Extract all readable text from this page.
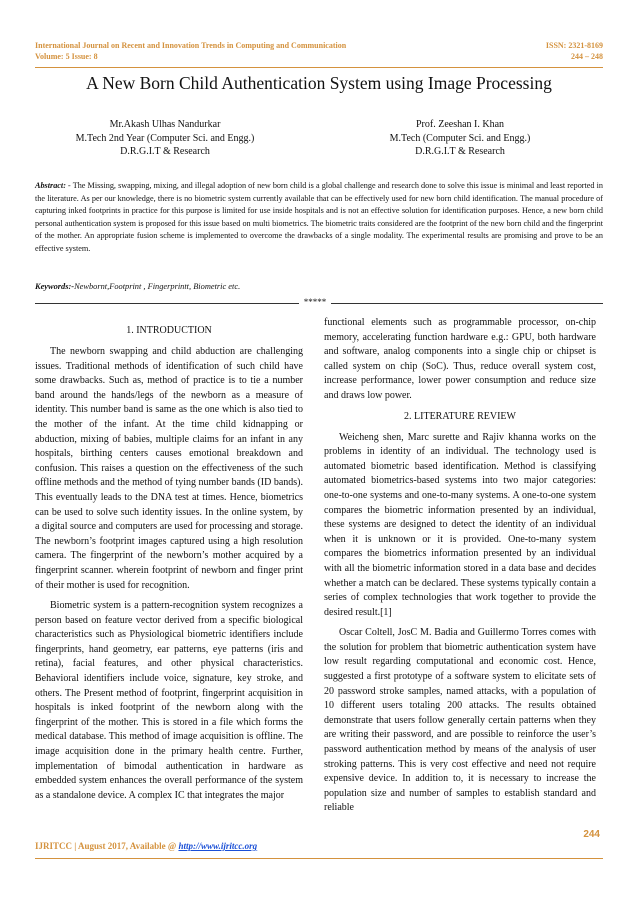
International Journal on Recent and Innovation Trends in Computing and Communication
Volume: 5 Issue: 8
ISSN: 2321-8169
244 – 248
A New Born Child Authentication System using Image Processing
Mr.Akash Ulhas Nandurkar
M.Tech 2nd Year (Computer Sci. and Engg.)
D.R.G.I.T & Research
Prof. Zeeshan I. Khan
M.Tech (Computer Sci. and Engg.)
D.R.G.I.T & Research
Abstract: - The Missing, swapping, mixing, and illegal adoption of new born child is a global challenge and research done to solve this issue is minimal and least reported in the literature. As per our knowledge, there is no biometric system currently available that can be effectively used for new born child identification. The manual procedure of capturing inked footprints in practice for this purpose is limited for use inside hospitals and is not an effective solution for identification purposes. Hence, a new born child personal authentication system is proposed for this issue based on multi biometrics. The biometric traits considered are the footprint of the new born child and the fingerprint of the mother. An appropriate fusion scheme is implemented to overcome the drawbacks of a single modality. The experimental results are promising and prove to be an effective system.
Keywords:-Newbornt,Footprint , Fingerprintt, Biometric etc.
*****
1. INTRODUCTION

The newborn swapping and child abduction are challenging issues. Traditional methods of identification of such child have some drawbacks. Such as, method of practice is to tie a number band around the hands/legs of the newborn as a measure of identity. This number band is same as the one which is also tied to the mother of the infant. At the time child kidnapping or abduction, mixing of babies, multiple claims for an infant in any hospitals, birthing centers causes emotional breakdown and confusion. This raises a question on the effectiveness of the such offline methods and the method of tying number bands (ID bands). This eventually leads to the DNA test at times. Hence, biometrics can be used to solve such identity issues. In the online system, by a digital source and computers are used for processing and storage. The newborn’s footprint images captured using a high resolution camera. The fingerprint of the newborn’s mother acquired by a fingerprint scanner. wherein footprint of newborn and finger print of their mother is used for recognition.

Biometric system is a pattern-recognition system recognizes a person based on feature vector derived from a specific biological characteristics such as Physiological biometric identifiers include fingerprints, hand geometry, ear patterns, eye patterns (iris and retina), facial features, and other physical characteristics. Behavioral identifiers include voice, signature, key stroke, and others. The Present method of footprint, fingerprint acquisition in hospitals is inked footprint of the newborn along with the fingerprint of the mother. This is stored in a file which forms the medical database. This method of image acquisition is offline. The image acquisition done in the primary health centre. Further, implementation of bimodal authentication in hardware as embedded system enhances the overall performance of the system as a standalone device. A complex IC that integrates the major

functional elements such as programmable processor, on-chip memory, accelerating function hardware e.g.: GPU, both hardware and software, analog components into a single chip or chipset is called system on chip (SoC). Thus, reduce overall system cost, increase performance, lower power consumption and reduce size and draws low power.

2. LITERATURE REVIEW

Weicheng shen, Marc surette and Rajiv khanna works on the problems in identity of an individual. The technology used is automated biometric based identification. Method is classifying automated biometrics-based systems into two major categories: one-to-one systems and one-to-many systems. A one-to-one system compares the biometric information presented by an individual, these systems are designed to detect the identity of an individual when it is unknown or it is provided. One-to-many system compares the biometrics information presented by an individual with all the biometric information stored in a data base and decides whether a match can be declared. These systems typically contain a series of complex technologies that work together to provide the desired result.[1]

Oscar Coltell, JosC M. Badia and Guillermo Torres comes with the solution for problem that biometric authentication system have low result regarding computational and economic cost. Hence, suggested a first prototype of a software system to elicitate sets of 20 password stroke samples, named attacks, with a population of 10 different users totaling 200 attacks. The results obtained demonstrate that users follow generally certain patterns when they are writing their password, and are possible to reinforce the user’s password authentication method by means of the analysis of user stroking patterns. This is very cost effective and need not require expensive device. In addition to, it is necessary to increase the population size and number of samples to establish standard and reliable

244
IJRITCC | August 2017, Available @ http://www.ijritcc.org
